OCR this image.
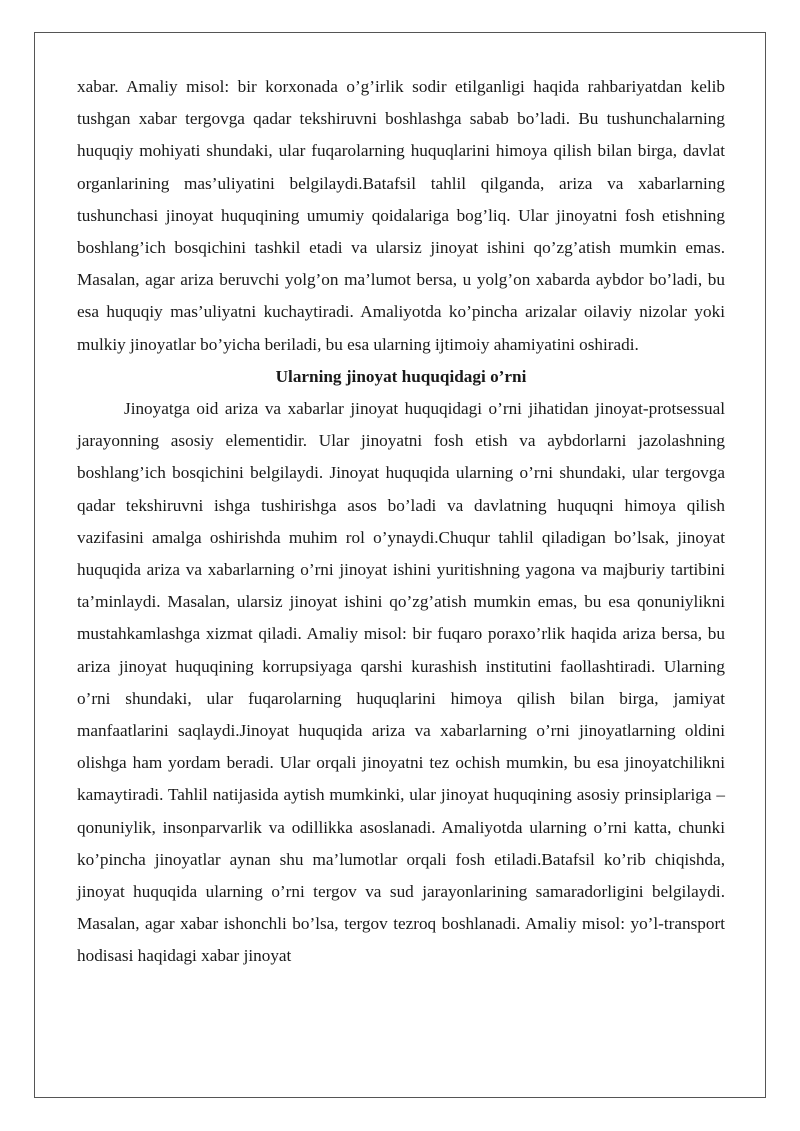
xabar. Amaliy misol: bir korxonada o’g’irlik sodir etilganligi haqida rahbariyatdan kelib tushgan xabar tergovga qadar tekshiruvni boshlashga sabab bo’ladi. Bu tushunchalarning huquqiy mohiyati shundaki, ular fuqarolarning huquqlarini himoya qilish bilan birga, davlat organlarining mas’uliyatini belgilaydi.Batafsil tahlil qilganda, ariza va xabarlarning tushunchasi jinoyat huquqining umumiy qoidalariga bog’liq. Ular jinoyatni fosh etishning boshlang’ich bosqichini tashkil etadi va ularsiz jinoyat ishini qo’zg’atish mumkin emas. Masalan, agar ariza beruvchi yolg’on ma’lumot bersa, u yolg’on xabarda aybdor bo’ladi, bu esa huquqiy mas’uliyatni kuchaytiradi. Amaliyotda ko’pincha arizalar oilaviy nizolar yoki mulkiy jinoyatlar bo’yicha beriladi, bu esa ularning ijtimoiy ahamiyatini oshiradi.

Ularning jinoyat huquqidagi o’rni

Jinoyatga oid ariza va xabarlar jinoyat huquqidagi o’rni jihatidan jinoyat-protsessual jarayonning asosiy elementidir. Ular jinoyatni fosh etish va aybdorlarni jazolashning boshlang’ich bosqichini belgilaydi. Jinoyat huquqida ularning o’rni shundaki, ular tergovga qadar tekshiruvni ishga tushirishga asos bo’ladi va davlatning huquqni himoya qilish vazifasini amalga oshirishda muhim rol o’ynaydi.Chuqur tahlil qiladigan bo’lsak, jinoyat huquqida ariza va xabarlarning o’rni jinoyat ishini yuritishning yagona va majburiy tartibini ta’minlaydi. Masalan, ularsiz jinoyat ishini qo’zg’atish mumkin emas, bu esa qonuniylikni mustahkamlashga xizmat qiladi. Amaliy misol: bir fuqaro poraxo’rlik haqida ariza bersa, bu ariza jinoyat huquqining korrupsiyaga qarshi kurashish institutini faollashtiradi. Ularning o’rni shundaki, ular fuqarolarning huquqlarini himoya qilish bilan birga, jamiyat manfaatlarini saqlaydi.Jinoyat huquqida ariza va xabarlarning o’rni jinoyatlarning oldini olishga ham yordam beradi. Ular orqali jinoyatni tez ochish mumkin, bu esa jinoyatchilikni kamaytiradi. Tahlil natijasida aytish mumkinki, ular jinoyat huquqining asosiy prinsiplariga – qonuniylik, insonparvarlik va odillikka asoslanadi. Amaliyotda ularning o’rni katta, chunki ko’pincha jinoyatlar aynan shu ma’lumotlar orqali fosh etiladi.Batafsil ko’rib chiqishda, jinoyat huquqida ularning o’rni tergov va sud jarayonlarining samaradorligini belgilaydi. Masalan, agar xabar ishonchli bo’lsa, tergov tezroq boshlanadi. Amaliy misol: yo’l-transport hodisasi haqidagi xabar jinoyat
